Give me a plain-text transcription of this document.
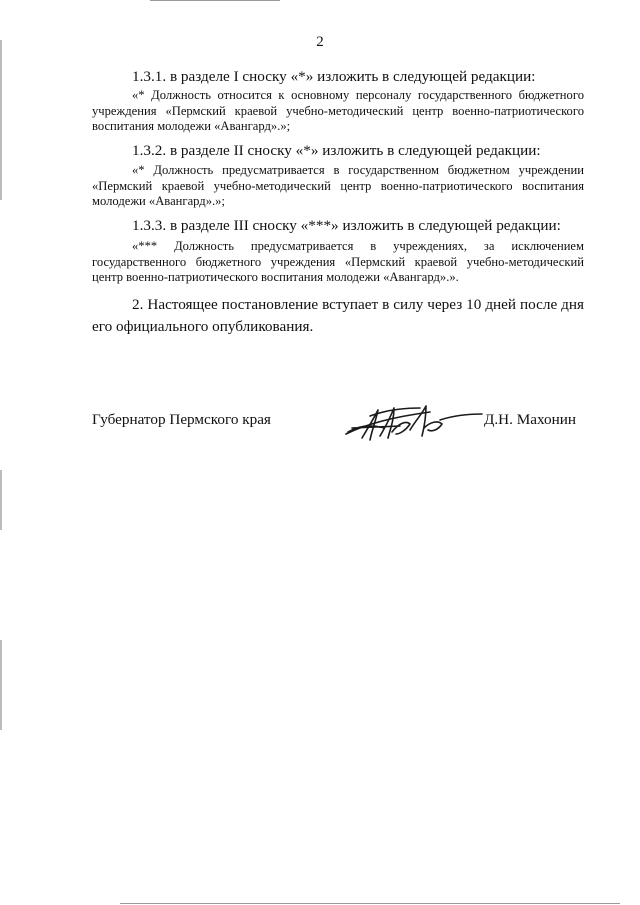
2

1.3.1. в разделе I сноску «*» изложить в следующей редакции:

«* Должность относится к основному персоналу государственного бюджетного учреждения «Пермский краевой учебно-методический центр военно-патриотического воспитания молодежи «Авангард».»;

1.3.2. в разделе II сноску «*» изложить в следующей редакции:

«* Должность предусматривается в государственном бюджетном учреждении «Пермский краевой учебно-методический центр военно-патриотического воспитания молодежи «Авангард».»;

1.3.3. в разделе III сноску «***» изложить в следующей редакции:

«*** Должность предусматривается в учреждениях, за исключением государственного бюджетного учреждения «Пермский краевой учебно-методический центр военно-патриотического воспитания молодежи «Авангард».».

2. Настоящее постановление вступает в силу через 10 дней после дня его официального опубликования.

Губернатор Пермского края	Д.Н. Махонин
